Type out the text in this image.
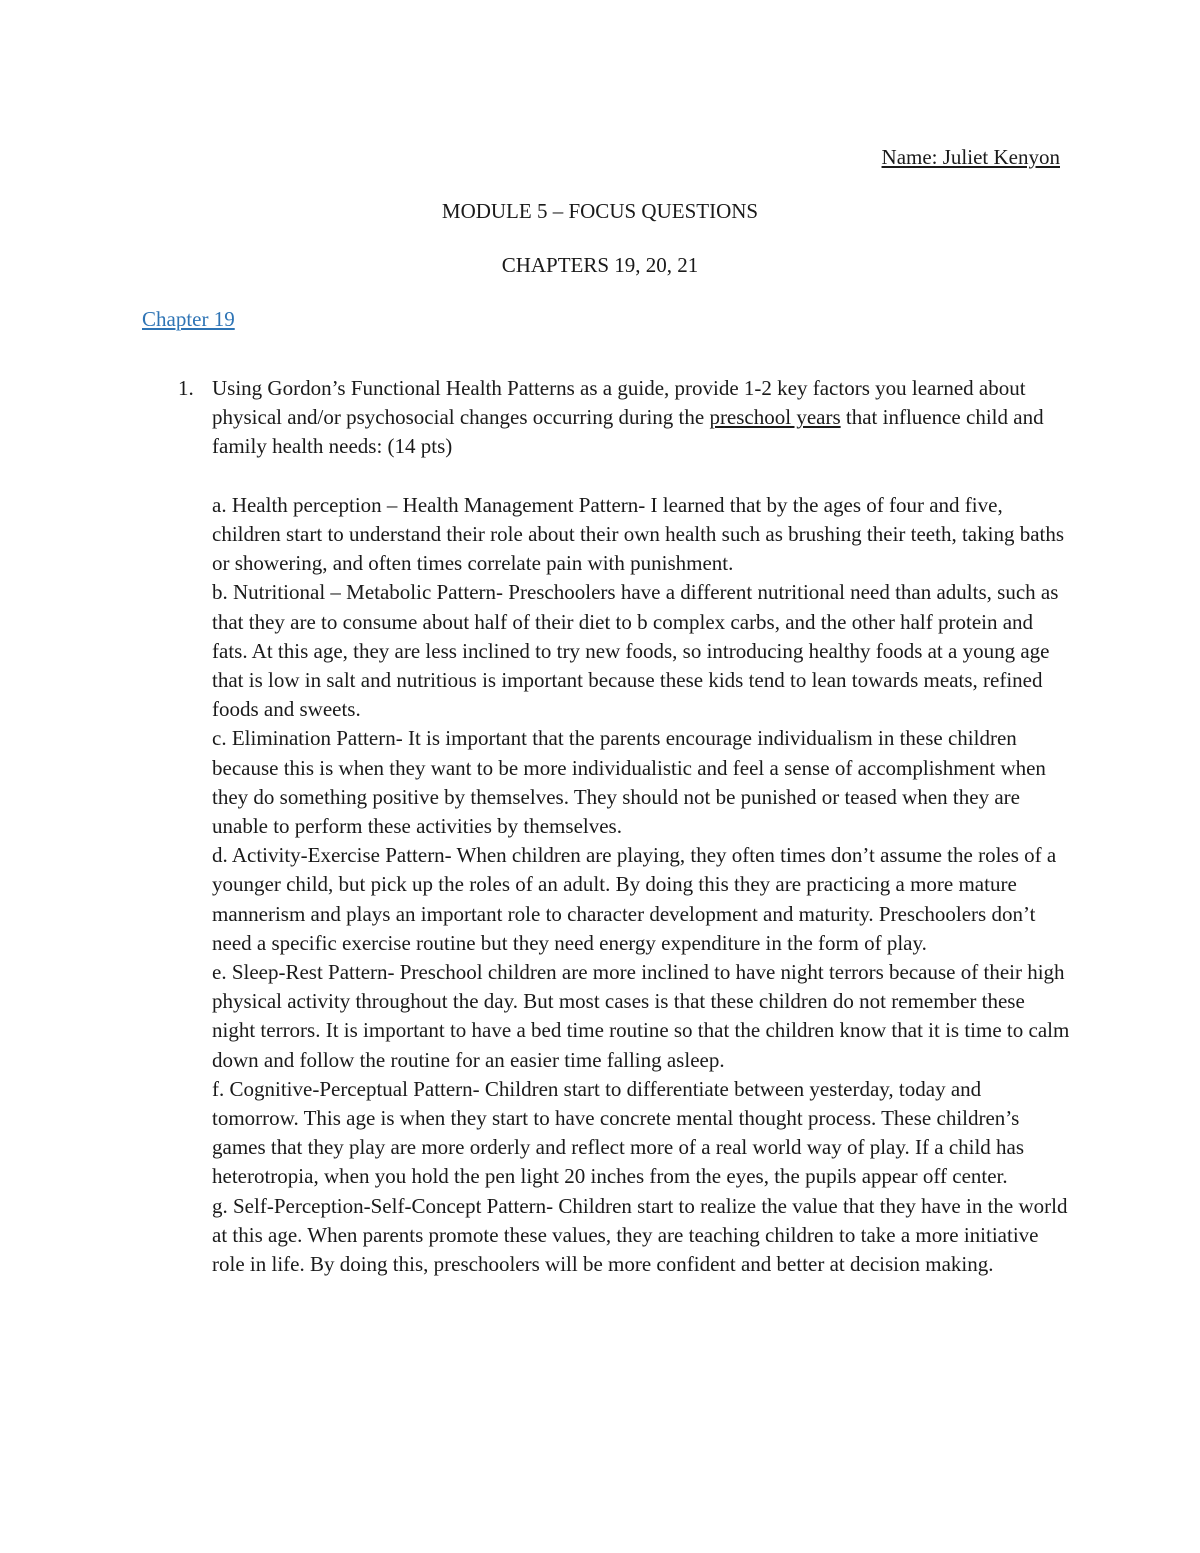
Name: Juliet Kenyon
MODULE 5 – FOCUS QUESTIONS
CHAPTERS 19, 20, 21
Chapter 19
1. Using Gordon’s Functional Health Patterns as a guide, provide 1-2 key factors you learned about physical and/or psychosocial changes occurring during the preschool years that influence child and family health needs: (14 pts)

a. Health perception – Health Management Pattern- I learned that by the ages of four and five, children start to understand their role about their own health such as brushing their teeth, taking baths or showering, and often times correlate pain with punishment.

b. Nutritional – Metabolic Pattern- Preschoolers have a different nutritional need than adults, such as that they are to consume about half of their diet to b complex carbs, and the other half protein and fats. At this age, they are less inclined to try new foods, so introducing healthy foods at a young age that is low in salt and nutritious is important because these kids tend to lean towards meats, refined foods and sweets.

c. Elimination Pattern- It is important that the parents encourage individualism in these children because this is when they want to be more individualistic and feel a sense of accomplishment when they do something positive by themselves. They should not be punished or teased when they are unable to perform these activities by themselves.

d. Activity-Exercise Pattern- When children are playing, they often times don’t assume the roles of a younger child, but pick up the roles of an adult. By doing this they are practicing a more mature mannerism and plays an important role to character development and maturity. Preschoolers don’t need a specific exercise routine but they need energy expenditure in the form of play.

e. Sleep-Rest Pattern- Preschool children are more inclined to have night terrors because of their high physical activity throughout the day. But most cases is that these children do not remember these night terrors. It is important to have a bed time routine so that the children know that it is time to calm down and follow the routine for an easier time falling asleep.

f. Cognitive-Perceptual Pattern- Children start to differentiate between yesterday, today and tomorrow. This age is when they start to have concrete mental thought process. These children’s games that they play are more orderly and reflect more of a real world way of play. If a child has heterotropia, when you hold the pen light 20 inches from the eyes, the pupils appear off center.

g. Self-Perception-Self-Concept Pattern- Children start to realize the value that they have in the world at this age. When parents promote these values, they are teaching children to take a more initiative role in life. By doing this, preschoolers will be more confident and better at decision making.
